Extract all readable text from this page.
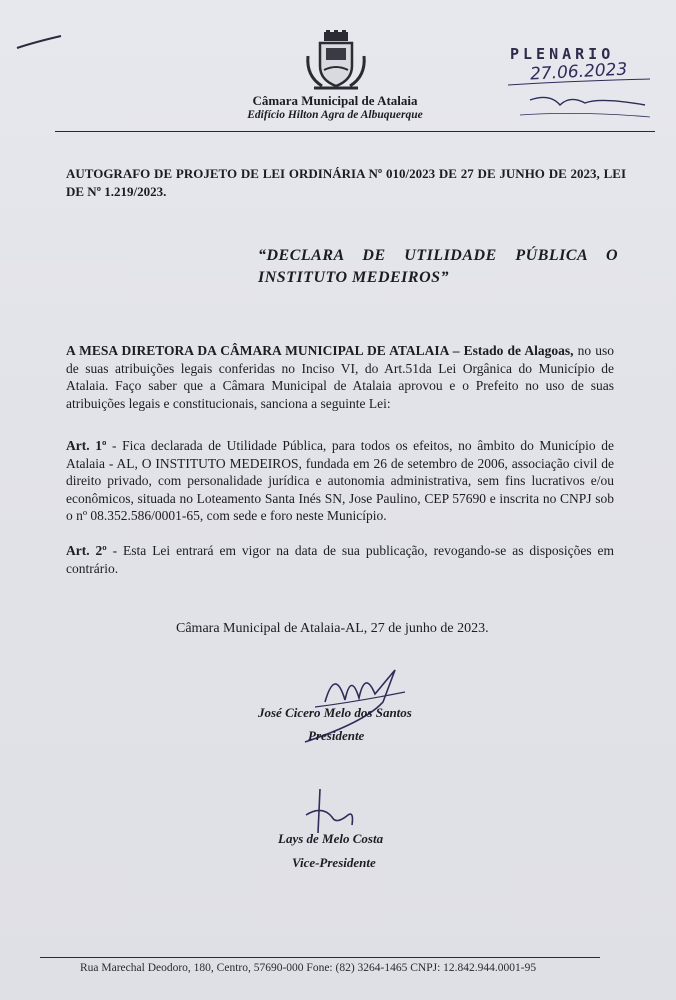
Câmara Municipal de Atalaia
Edifício Hilton Agra de Albuquerque
PLENARIO
27.06.2023
AUTOGRAFO DE PROJETO DE LEI ORDINÁRIA Nº 010/2023 DE 27 DE JUNHO DE 2023, LEI DE Nº 1.219/2023.
“DECLARA DE UTILIDADE PÚBLICA O INSTITUTO MEDEIROS”
A MESA DIRETORA DA CÂMARA MUNICIPAL DE ATALAIA – Estado de Alagoas, no uso de suas atribuições legais conferidas no Inciso VI, do Art.51da Lei Orgânica do Município de Atalaia. Faço saber que a Câmara Municipal de Atalaia aprovou e o Prefeito no uso de suas atribuições legais e constitucionais, sanciona a seguinte Lei:
Art. 1º - Fica declarada de Utilidade Pública, para todos os efeitos, no âmbito do Município de Atalaia - AL, O INSTITUTO MEDEIROS, fundada em 26 de setembro de 2006, associação civil de direito privado, com personalidade jurídica e autonomia administrativa, sem fins lucrativos e/ou econômicos, situada no Loteamento Santa Inés SN, Jose Paulino, CEP 57690 e inscrita no CNPJ sob o nº 08.352.586/0001-65, com sede e foro neste Município.
Art. 2º - Esta Lei entrará em vigor na data de sua publicação, revogando-se as disposições em contrário.
Câmara Municipal de Atalaia-AL, 27 de junho de 2023.
José Cicero Melo dos Santos
Presidente
Lays de Melo Costa
Vice-Presidente
Rua Marechal Deodoro, 180, Centro, 57690-000 Fone: (82) 3264-1465 CNPJ: 12.842.944.0001-95
